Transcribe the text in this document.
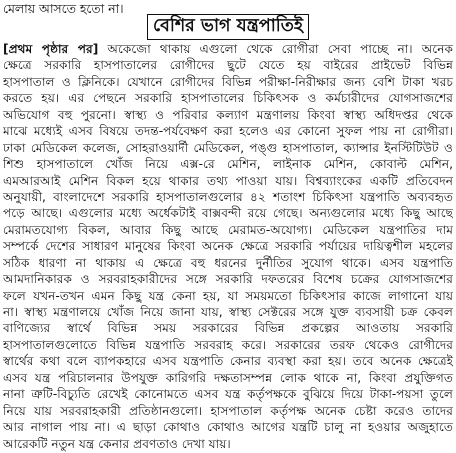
মেলায় আসতে হতো না।
বেশির ভাগ যন্ত্রপাতিই
[প্রথম পৃষ্ঠার পর] অকেজো থাকায় এগুলো থেকে রোগীরা সেবা পাচ্ছে না। অনেক
ক্ষেত্রে সরকারি হাসপাতালের রোগীদের ছুটে যেতে হয় বাইরের প্রাইভেট বিভিন্ন
হাসপাতাল ও ক্লিনিকে। যেখানে রোগীদের বিভিন্ন পরীক্ষা-নিরীক্ষার জন্য বেশি টাকা খরচ
করতে হয়। এর পেছনে সরকারি হাসপাতালের চিকিৎসক ও কর্মচারীদের যোগসাজশের
অভিযোগ বহু পুরনো। স্বাস্থ্য ও পরিবার কল্যাণ মন্ত্রণালয় কিংবা স্বাস্থ্য অধিদপ্তর থেকে
মাঝে মধ্যেই এসব বিষয়ে তদন্ত-পর্যবেক্ষণ করা হলেও এর কোনো সুফল পায় না রোগীরা।
ঢাকা মেডিকেল কলেজ, সোহরাওয়ার্দী মেডিকেল, পঙ্গু হাসপাতাল, ক্যান্সার ইনস্টিটিউট ও
শিশু হাসপাতালে খোঁজ নিয়ে এক্স-রে মেশিন, লাইনাক মেশিন, কোবাল্ট মেশিন,
এমআরআই মেশিন বিকল হয়ে থাকার তথ্য পাওয়া যায়। বিশ্বব্যাংকের একটি প্রতিবেদন
অনুযায়ী, বাংলাদেশে সরকারি হাসপাতালগুলোর ৪২ শতাংশ চিকিৎসা যন্ত্রপাতি অব্যবহৃত
পড়ে আছে। এগুলোর মধ্যে অর্ধেকটাই বাক্সবন্দী রয়ে গেছে। অন্যগুলোর মধ্যে কিছু আছে
মেরামতযোগ্য বিকল, আবার কিছু আছে মেরামত-অযোগ্য। মেডিকেল যন্ত্রপাতির দাম
সম্পর্কে দেশের সাধারণ মানুষের কিংবা অনেক ক্ষেত্রে সরকারি পর্যায়ের দায়িত্বশীল মহলের
সঠিক ধারণা না থাকায় এ ক্ষেত্রে বহু ধরনের দুর্নীতির সুযোগ থাকে। এসব যন্ত্রপাতি
আমদানিকারক ও সরবরাহকারীদের সঙ্গে সরকারি দফতরের বিশেষ চক্রের যোগসাজশের
ফলে যখন-তখন এমন কিছু যন্ত্র কেনা হয়, যা সময়মতো চিকিৎসার কাজে লাগানো যায়
না। স্বাস্থ্য মন্ত্রণালয়ে খোঁজ নিয়ে জানা যায়, স্বাস্থ্য সেক্টরের সঙ্গে যুক্ত ব্যবসায়ী চক্র কেবল
বাণিজ্যের স্বার্থে বিভিন্ন সময় সরকারের বিভিন্ন প্রকল্পের আওতায় সরকারি
হাসপাতালগুলোতে বিভিন্ন যন্ত্রপাতি সরবরাহ করে। সরকারের তরফ থেকেও রোগীদের
স্বার্থের কথা বলে ব্যাপকহারে এসব যন্ত্রপাতি কেনার ব্যবস্থা করা হয়। তবে অনেক ক্ষেত্রেই
এসব যন্ত্র পরিচালনার উপযুক্ত কারিগরি দক্ষতাসম্পন্ন লোক থাকে না, কিংবা প্রযুক্তিগত
নানা ত্রুটি-বিচ্যুতি রেখেই কোনোমতে এসব যন্ত্র কর্তৃপক্ষকে বুঝিয়ে দিয়ে টাকা-পয়সা তুলে
নিয়ে যায় সরবরাহকারী প্রতিষ্ঠানগুলো। হাসপাতাল কর্তৃপক্ষ অনেক চেষ্টা করেও তাদের
আর নাগাল পায় না। এ ছাড়া কোথাও কোথাও আগের যন্ত্রটি চালু না হওয়ার অজুহাতে
আরেকটি নতুন যন্ত্র কেনার প্রবণতাও দেখা যায়।
